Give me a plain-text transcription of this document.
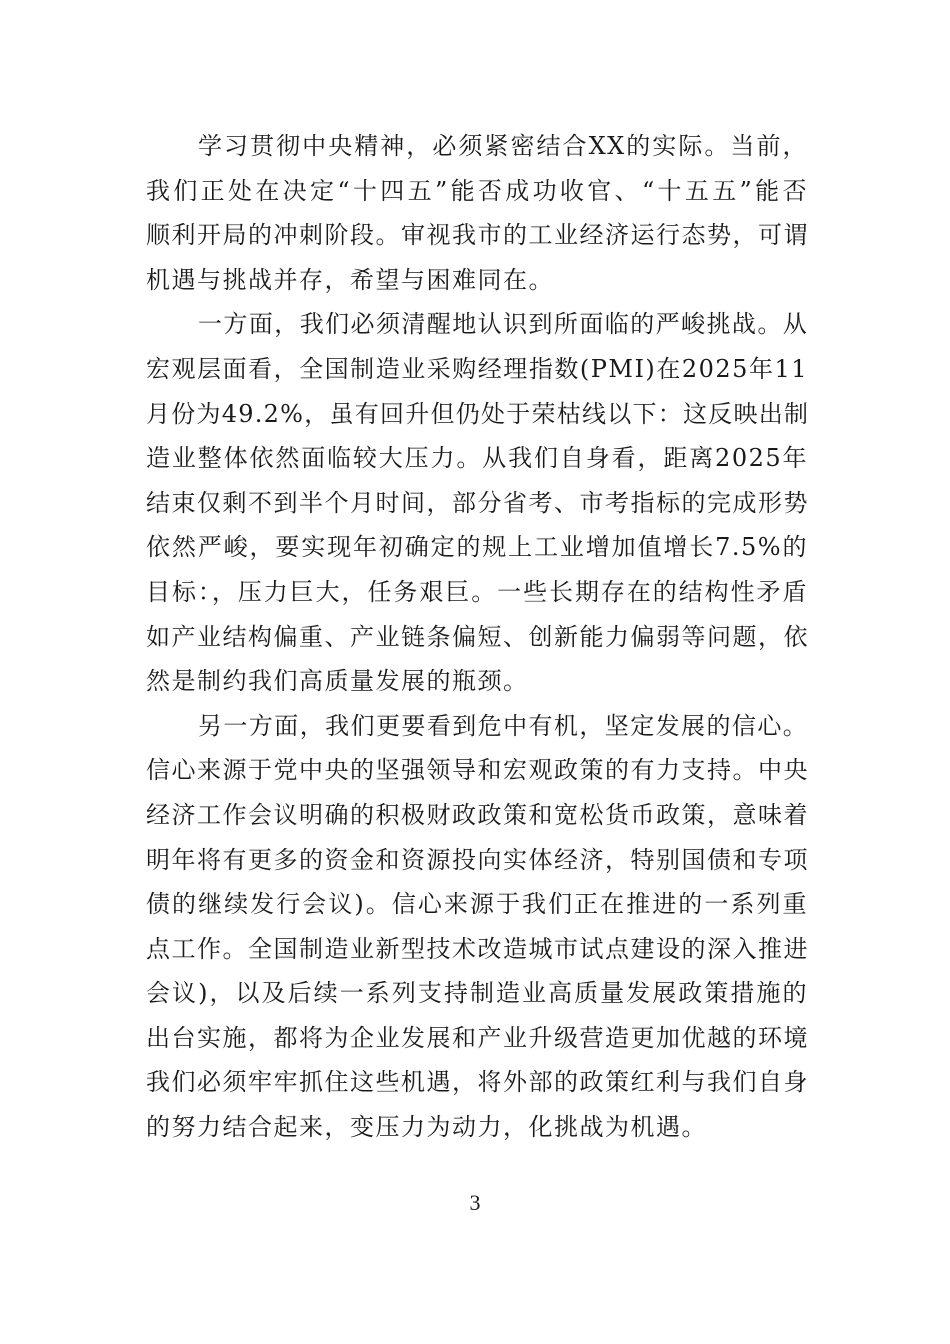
学习贯彻中央精神，必须紧密结合XX的实际。当前，
我们正处在决定“十四五”能否成功收官、“十五五”能否
顺利开局的冲刺阶段。审视我市的工业经济运行态势，可谓
机遇与挑战并存，希望与困难同在。
一方面，我们必须清醒地认识到所面临的严峻挑战。从
宏观层面看，全国制造业采购经理指数(PMI)在2025年11
月份为49.2%，虽有回升但仍处于荣枯线以下：这反映出制
造业整体依然面临较大压力。从我们自身看，距离2025年
结束仅剩不到半个月时间，部分省考、市考指标的完成形势
依然严峻，要实现年初确定的规上工业增加值增长7.5%的
目标：，压力巨大，任务艰巨。一些长期存在的结构性矛盾
如产业结构偏重、产业链条偏短、创新能力偏弱等问题，依
然是制约我们高质量发展的瓶颈。
另一方面，我们更要看到危中有机，坚定发展的信心。
信心来源于党中央的坚强领导和宏观政策的有力支持。中央
经济工作会议明确的积极财政政策和宽松货币政策，意味着
明年将有更多的资金和资源投向实体经济，特别国债和专项
债的继续发行会议)。信心来源于我们正在推进的一系列重
点工作。全国制造业新型技术改造城市试点建设的深入推进
会议)，以及后续一系列支持制造业高质量发展政策措施的
出台实施，都将为企业发展和产业升级营造更加优越的环境
我们必须牢牢抓住这些机遇，将外部的政策红利与我们自身
的努力结合起来，变压力为动力，化挑战为机遇。
3
